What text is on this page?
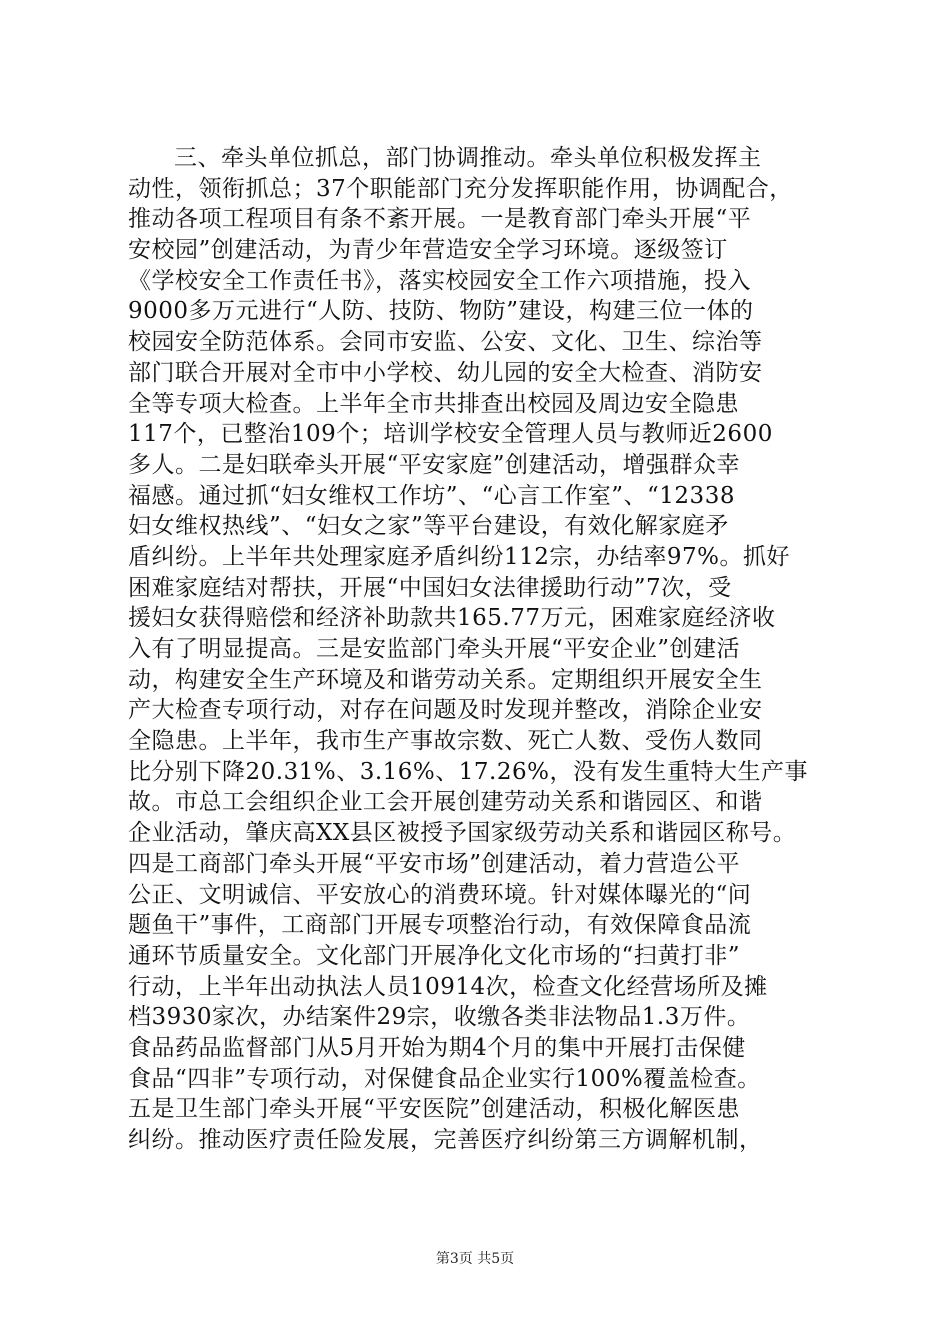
三、牵头单位抓总，部门协调推动。牵头单位积极发挥主
动性，领衔抓总；37个职能部门充分发挥职能作用，协调配合，
推动各项工程项目有条不紊开展。一是教育部门牵头开展“平
安校园”创建活动，为青少年营造安全学习环境。逐级签订
《学校安全工作责任书》，落实校园安全工作六项措施，投入
9000多万元进行“人防、技防、物防”建设，构建三位一体的
校园安全防范体系。会同市安监、公安、文化、卫生、综治等
部门联合开展对全市中小学校、幼儿园的安全大检查、消防安
全等专项大检查。上半年全市共排查出校园及周边安全隐患
117个，已整治109个；培训学校安全管理人员与教师近2600
多人。二是妇联牵头开展“平安家庭”创建活动，增强群众幸
福感。通过抓“妇女维权工作坊”、“心言工作室”、“12338
妇女维权热线”、“妇女之家”等平台建设，有效化解家庭矛
盾纠纷。上半年共处理家庭矛盾纠纷112宗，办结率97%。抓好
困难家庭结对帮扶，开展“中国妇女法律援助行动”7次，受
援妇女获得赔偿和经济补助款共165.77万元，困难家庭经济收
入有了明显提高。三是安监部门牵头开展“平安企业”创建活
动，构建安全生产环境及和谐劳动关系。定期组织开展安全生
产大检查专项行动，对存在问题及时发现并整改，消除企业安
全隐患。上半年，我市生产事故宗数、死亡人数、受伤人数同
比分别下降20.31%、3.16%、17.26%，没有发生重特大生产事
故。市总工会组织企业工会开展创建劳动关系和谐园区、和谐
企业活动，肇庆高XX县区被授予国家级劳动关系和谐园区称号。
四是工商部门牵头开展“平安市场”创建活动，着力营造公平
公正、文明诚信、平安放心的消费环境。针对媒体曝光的“问
题鱼干”事件，工商部门开展专项整治行动，有效保障食品流
通环节质量安全。文化部门开展净化文化市场的“扫黄打非”
行动，上半年出动执法人员10914次，检查文化经营场所及摊
档3930家次，办结案件29宗，收缴各类非法物品1.3万件。
食品药品监督部门从5月开始为期4个月的集中开展打击保健
食品“四非”专项行动，对保健食品企业实行100%覆盖检查。
五是卫生部门牵头开展“平安医院”创建活动，积极化解医患
纠纷。推动医疗责任险发展，完善医疗纠纷第三方调解机制，
第3页 共5页
